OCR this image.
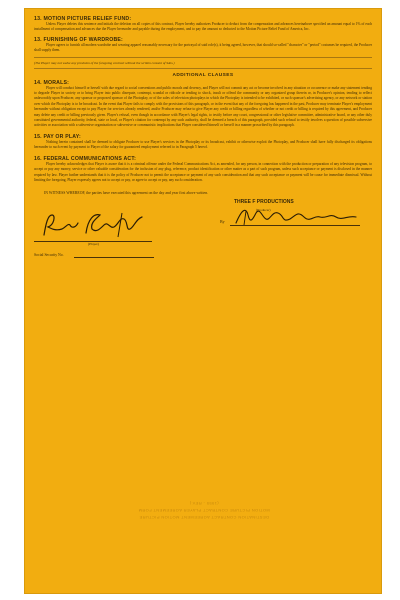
13. MOTION PICTURE RELIEF FUND:

Unless Player deletes this sentence and initials the deletion on all copies of this contract, Player hereby authorizes Producer to deduct from the compensation and advances hereinabove specified an amount equal to 1% of each installment of compensation and advances due the Player hereunder and payable during the employment, and to pay the amount so deducted to the Motion Picture Relief Fund of America, Inc.

13. FURNISHING OF WARDROBE:

Player agrees to furnish all modern wardrobe and wearing apparel reasonably necessary for the portrayal of said role(s), it being agreed, however, that should so-called "character" or "period" costumes be required, the Producer shall supply them.

(The Player may not waive any provision of the foregoing contract without the written consent of SAG.)

ADDITIONAL CLAUSES

14. MORALS:

Player will conduct himself or herself with due regard to social conventions and public morals and decency, and Player will not commit any act or become involved in any situation or occurrence or make any statement tending to degrade Player in society or to bring Player into public disrepute, contempt, scandal or ridicule or tending to shock, insult or offend the community or any organized group therein or, in Producer's opinion, tending to reflect unfavorably upon Producer, any sponsor or proposed sponsor of the Photoplay, or of the sales of television photoplays in which the Photoplay is intended to be exhibited, or such sponsor's advertising agency, or any network or station over which the Photoplay is to be broadcast. In the event that Player fails to comply with the provisions of this paragraph, or in the event that any of the foregoing has happened in the past, Producer may terminate Player's employment hereunder without obligation except to pay Player for services already rendered, and/or Producer may refuse to give Player any credit or billing regardless of whether or not credit or billing is required by this agreement, and Producer may delete any credit or billing previously given. Player's refusal, even though in accordance with Player's legal rights, to testify before any court, congressional or other legislative committee, administrative board, or any other duly constituted governmental authority, federal, state or local, or Player's citation for contempt by any such authority, shall be deemed a breach of this paragraph, provided such refusal to testify involves a question of possible subversive activities or association with a subversive organization or subversive or communistic implications that Player considered himself or herself in a manner proscribed by this paragraph.

15. PAY OR PLAY:

Nothing herein contained shall be deemed to obligate Producer to use Player's services in the Photoplay or its broadcast, exhibit or otherwise exploit the Photoplay, and Producer shall have fully discharged its obligations hereunder to such event by payment to Player of the salary for guaranteed employment referred to in Paragraph 5 hereof.

16. FEDERAL COMMUNICATIONS ACT:

Player hereby acknowledges that Player is aware that it is a criminal offense under the Federal Communications Act, as amended, for any person, in connection with the production or preparation of any television program, to accept or pay any money, service or other valuable consideration for the inclusion of any plug, reference, product identification or other matter as a part of such program, unless such acceptance or payment is disclosed in the manner required by law. Player further understands that it is the policy of Producer not to permit the acceptance or payment of any such consideration and that any such acceptance or payment will be cause for immediate dismissal. Without limiting the foregoing, Player expressly agrees not to accept or pay, or agree to accept or pay, any such consideration.

IN WITNESS WHEREOF, the parties have executed this agreement on the day and year first above written.

THREE F PRODUCTIONS
(Producer)
By
(Player)
Social Security No.
DESTINATION CONTRACT AGREEMENT MOTION PICTURE
MOTION PICTURE CONTRACT PLAYER AGREEMENT FORM
(1955 - REV.)
